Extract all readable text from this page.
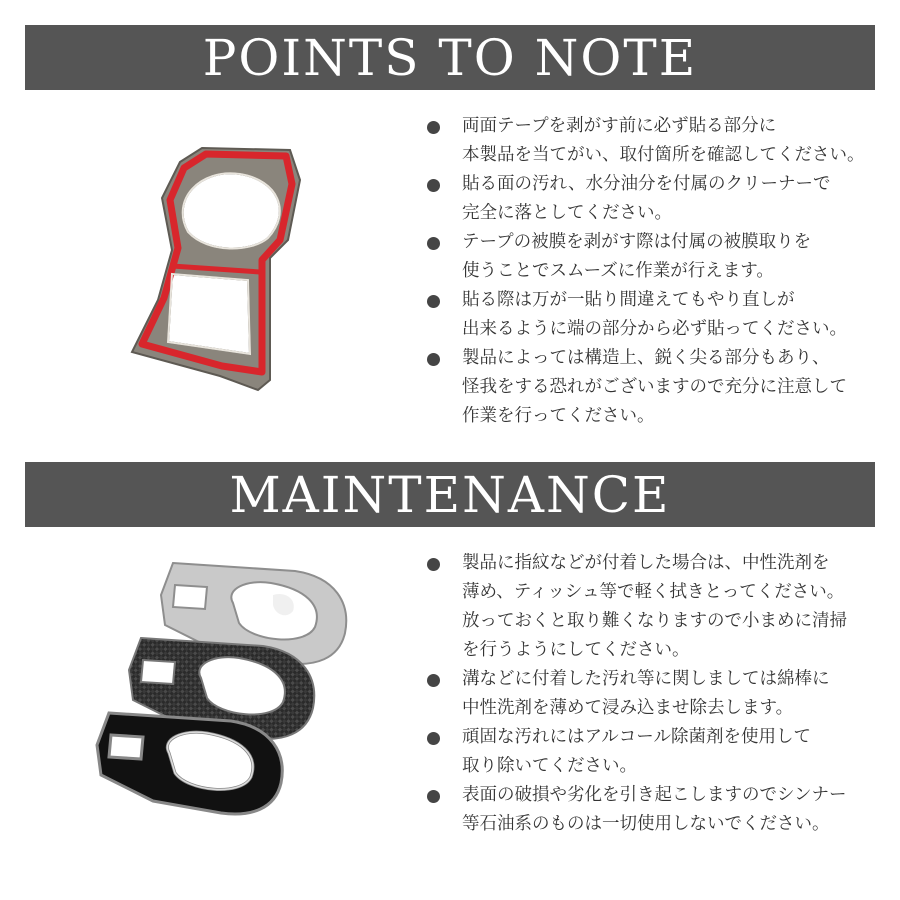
POINTS TO NOTE
両面テープを剥がす前に必ず貼る部分に
本製品を当てがい、取付箇所を確認してください。
貼る面の汚れ、水分油分を付属のクリーナーで
完全に落としてください。
テープの被膜を剥がす際は付属の被膜取りを
使うことでスムーズに作業が行えます。
貼る際は万が一貼り間違えてもやり直しが
出来るように端の部分から必ず貼ってください。
製品によっては構造上、鋭く尖る部分もあり、
怪我をする恐れがございますので充分に注意して
作業を行ってください。
MAINTENANCE
製品に指紋などが付着した場合は、中性洗剤を
薄め、ティッシュ等で軽く拭きとってください。
放っておくと取り難くなりますので小まめに清掃
を行うようにしてください。
溝などに付着した汚れ等に関しましては綿棒に
中性洗剤を薄めて浸み込ませ除去します。
頑固な汚れにはアルコール除菌剤を使用して
取り除いてください。
表面の破損や劣化を引き起こしますのでシンナー
等石油系のものは一切使用しないでください。
